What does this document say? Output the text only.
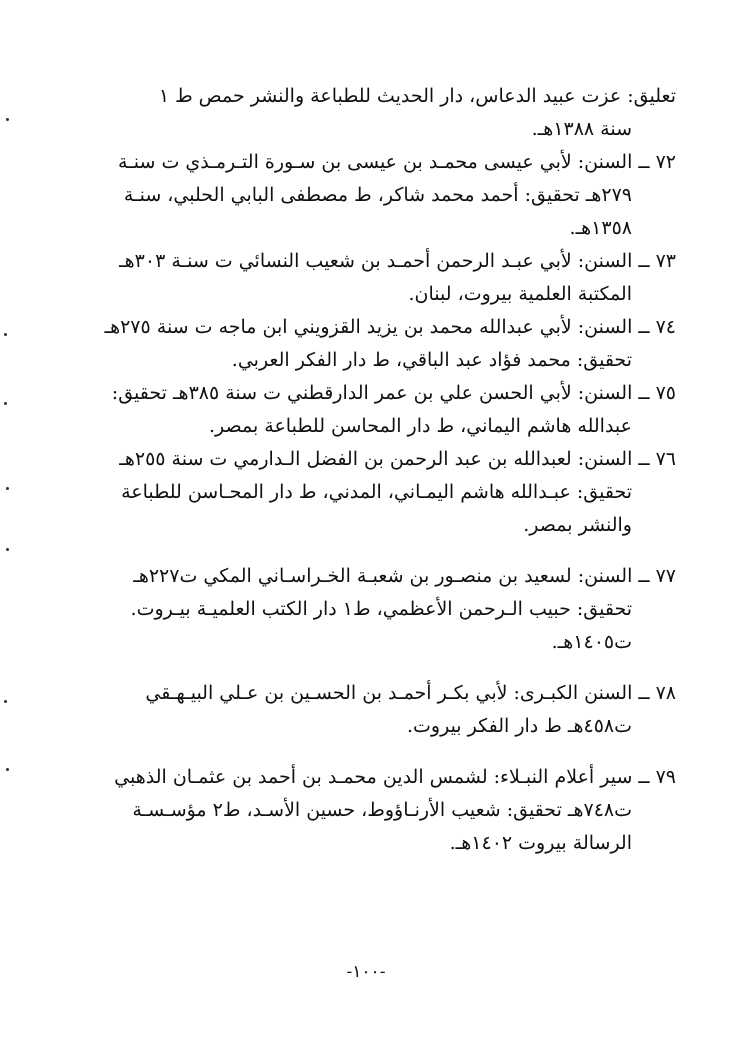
تعليق: عزت عبيد الدعاس، دار الحديث للطباعة والنشر حمص ط ١
سنة ١٣٨٨هـ.
٧٢ ــ السنن: لأبي عيسى محمـد بن عيسى بن سـورة التـرمـذي ت سنـة
٢٧٩هـ تحقيق: أحمد محمد شاكر، ط مصطفى البابي الحلبي، سنـة
١٣٥٨هـ.
٧٣ ــ السنن: لأبي عبـد الرحمن أحمـد بن شعيب النسائي ت سنـة ٣٠٣هـ
المكتبة العلمية بيروت، لبنان.
٧٤ ــ السنن: لأبي عبدالله محمد بن يزيد القزويني ابن ماجه ت سنة ٢٧٥هـ
تحقيق: محمد فؤاد عبد الباقي، ط دار الفكر العربي.
٧٥ ــ السنن: لأبي الحسن علي بن عمر الدارقطني ت سنة ٣٨٥هـ تحقيق:
عبدالله هاشم اليماني، ط دار المحاسن للطباعة بمصر.
٧٦ ــ السنن: لعبدالله بن عبد الرحمن بن الفضل الـدارمي ت سنة ٢٥٥هـ
تحقيق: عبـدالله هاشم اليمـاني، المدني، ط دار المحـاسن للطباعة
والنشر بمصر.
٧٧ ــ السنن: لسعيد بن منصـور بن شعبـة الخـراسـاني المكي ت٢٢٧هـ
تحقيق: حبيب الـرحمن الأعظمي، ط١ دار الكتب العلميـة بيـروت.
ت١٤٠٥هـ.
٧٨ ــ السنن الكبـرى: لأبي بكـر أحمـد بن الحسـين بن عـلي البيـهـقي
ت٤٥٨هـ ط دار الفكر بيروت.
٧٩ ــ سير أعلام النبـلاء: لشمس الدين محمـد بن أحمد بن عثمـان الذهبي
ت٧٤٨هـ تحقيق: شعيب الأرنـاؤوط، حسين الأسـد، ط٢ مؤسـسـة
الرسالة بيروت ١٤٠٢هـ.
-١٠٠-
